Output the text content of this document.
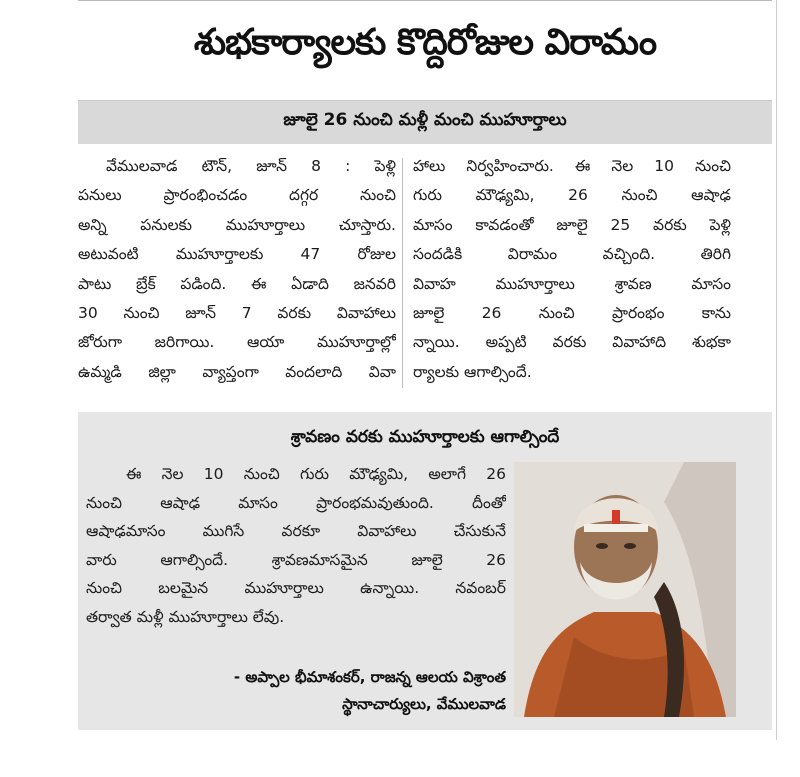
శుభకార్యాలకు కొద్దిరోజుల విరామం
జూలై 26 నుంచి మళ్లీ మంచి ముహూర్తాలు
వేములవాడ టౌన్, జూన్ 8 : పెళ్లి
పనులు ప్రారంభించడం దగ్గర నుంచి
అన్ని పనులకు ముహూర్తాలు చూస్తారు.
అటువంటి ముహూర్తాలకు 47 రోజుల
పాటు బ్రేక్ పడింది. ఈ ఏడాది జనవరి
30 నుంచి జూన్ 7 వరకు వివాహాలు
జోరుగా జరిగాయి. ఆయా ముహూర్తాల్లో
ఉమ్మడి జిల్లా వ్యాప్తంగా వందలాది వివా
హాలు నిర్వహించారు. ఈ నెల 10 నుంచి
గురు మౌఢ్యమి, 26 నుంచి ఆషాఢ
మాసం కావడంతో జూలై 25 వరకు పెళ్లి
సందడికి విరామం వచ్చింది. తిరిగి
వివాహ ముహూర్తాలు శ్రావణ మాసం
జూలై 26 నుంచి ప్రారంభం కాను
న్నాయి. అప్పటి వరకు వివాహాది శుభకా
ర్యాలకు ఆగాల్సిందే.
శ్రావణం వరకు ముహూర్తాలకు ఆగాల్సిందే
ఈ నెల 10 నుంచి గురు మౌఢ్యమి, అలాగే 26
నుంచి ఆషాఢ మాసం ప్రారంభమవుతుంది. దీంతో
ఆషాఢమాసం ముగిసే వరకూ వివాహాలు చేసుకునే
వారు ఆగాల్సిందే. శ్రావణమాసమైన జూలై 26
నుంచి బలమైన ముహూర్తాలు ఉన్నాయి. నవంబర్
తర్వాత మళ్లీ ముహూర్తాలు లేవు.
- అప్పాల భీమాశంకర్, రాజన్న ఆలయ విశ్రాంత
స్థానాచార్యులు, వేములవాడ
